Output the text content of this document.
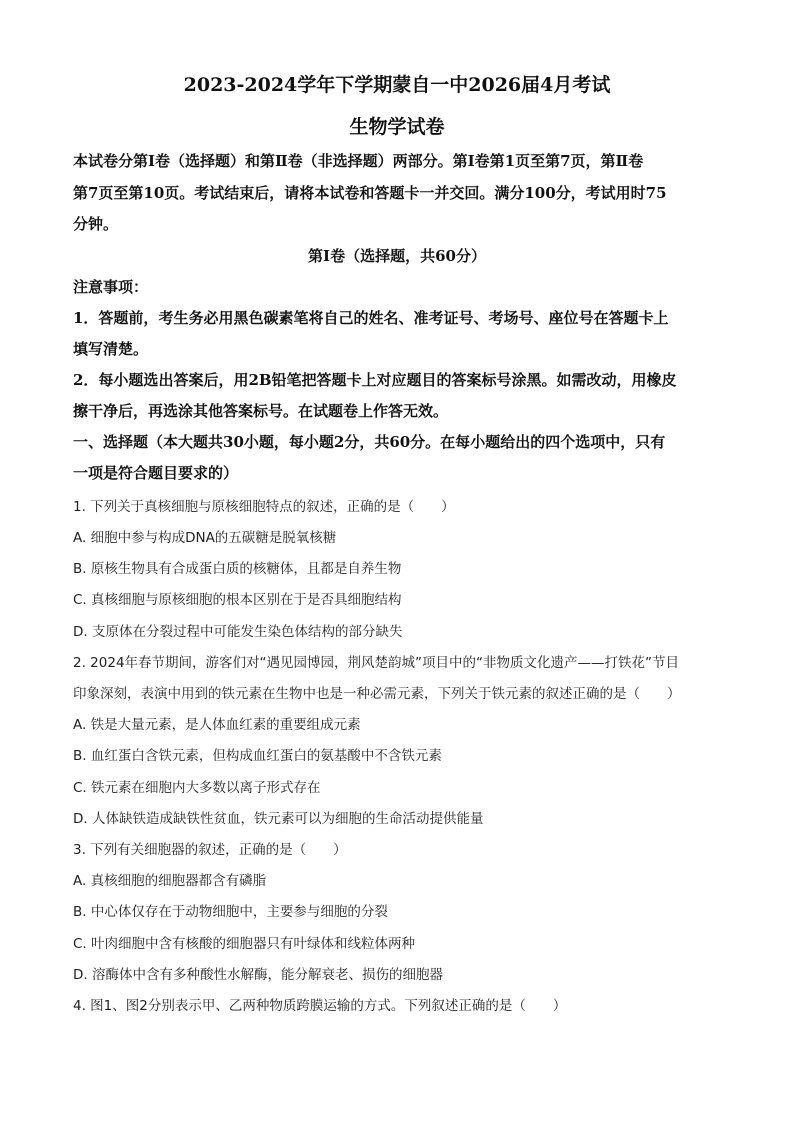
2023-2024学年下学期蒙自一中2026届4月考试
生物学试卷
本试卷分第Ⅰ卷（选择题）和第Ⅱ卷（非选择题）两部分。第Ⅰ卷第1页至第7页，第Ⅱ卷
第7页至第10页。考试结束后，请将本试卷和答题卡一并交回。满分100分，考试用时75
分钟。
第Ⅰ卷（选择题，共60分）
注意事项：
1．答题前，考生务必用黑色碳素笔将自己的姓名、准考证号、考场号、座位号在答题卡上
填写清楚。
2．每小题选出答案后，用2B铅笔把答题卡上对应题目的答案标号涂黑。如需改动，用橡皮
擦干净后，再选涂其他答案标号。在试题卷上作答无效。
一、选择题（本大题共30小题，每小题2分，共60分。在每小题给出的四个选项中，只有
一项是符合题目要求的）
1. 下列关于真核细胞与原核细胞特点的叙述，正确的是（　　）
A. 细胞中参与构成DNA的五碳糖是脱氧核糖
B. 原核生物具有合成蛋白质的核糖体，且都是自养生物
C. 真核细胞与原核细胞的根本区别在于是否具细胞结构
D. 支原体在分裂过程中可能发生染色体结构的部分缺失
2. 2024年春节期间，游客们对“遇见园博园，荆风楚韵城”项目中的“非物质文化遗产——打铁花”节目
印象深刻，表演中用到的铁元素在生物中也是一种必需元素，下列关于铁元素的叙述正确的是（　　）
A. 铁是大量元素，是人体血红素的重要组成元素
B. 血红蛋白含铁元素，但构成血红蛋白的氨基酸中不含铁元素
C. 铁元素在细胞内大多数以离子形式存在
D. 人体缺铁造成缺铁性贫血，铁元素可以为细胞的生命活动提供能量
3. 下列有关细胞器的叙述，正确的是（　　）
A. 真核细胞的细胞器都含有磷脂
B. 中心体仅存在于动物细胞中，主要参与细胞的分裂
C. 叶肉细胞中含有核酸的细胞器只有叶绿体和线粒体两种
D. 溶酶体中含有多种酸性水解酶，能分解衰老、损伤的细胞器
4. 图1、图2分别表示甲、乙两种物质跨膜运输的方式。下列叙述正确的是（　　）
